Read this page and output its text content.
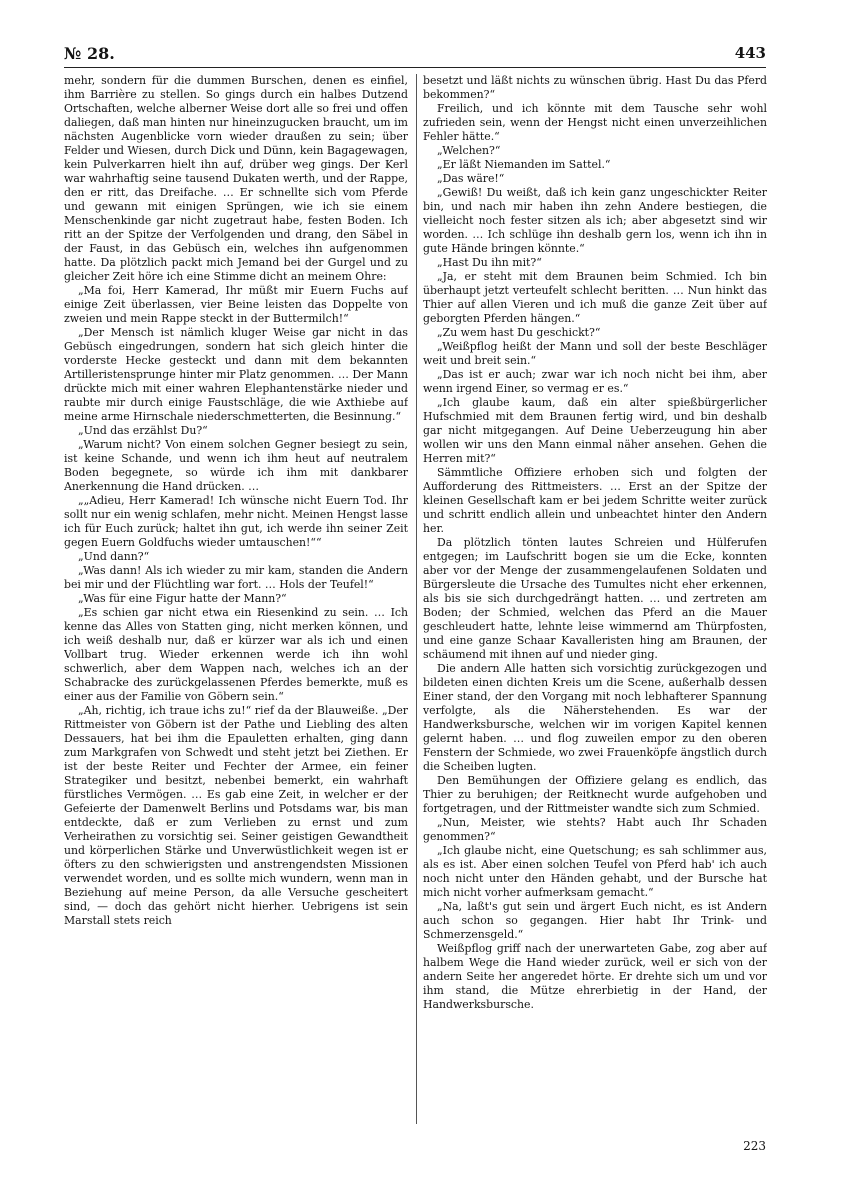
№ 28.	443

mehr, sondern für die dummen Burschen, denen es einfiel, ihm Barrière zu stellen. So gings durch ein halbes Dutzend Ortschaften, welche alberner Weise dort alle so frei und offen daliegen, daß man hinten nur hineinzugucken braucht, um im nächsten Augenblicke vorn wieder draußen zu sein; über Felder und Wiesen, durch Dick und Dünn, kein Bagagewagen, kein Pulverkarren hielt ihn auf, drüber weg gings. Der Kerl war wahrhaftig seine tausend Dukaten werth, und der Rappe, den er ritt, das Dreifache. … Er schnellte sich vom Pferde und gewann mit einigen Sprüngen, wie ich sie einem Menschenkinde gar nicht zugetraut habe, festen Boden. Ich ritt an der Spitze der Verfolgenden und drang, den Säbel in der Faust, in das Gebüsch ein, welches ihn aufgenommen hatte. Da plötzlich packt mich Jemand bei der Gurgel und zu gleicher Zeit höre ich eine Stimme dicht an meinem Ohre:

„Ma foi, Herr Kamerad, Ihr müßt mir Euern Fuchs auf einige Zeit überlassen, vier Beine leisten das Doppelte von zweien und mein Rappe steckt in der Buttermilch!“

„Der Mensch ist nämlich kluger Weise gar nicht in das Gebüsch eingedrungen, sondern hat sich gleich hinter die vorderste Hecke gesteckt und dann mit dem bekannten Artilleristensprunge hinter mir Platz genommen. … Der Mann drückte mich mit einer wahren Elephantenstärke nieder und raubte mir durch einige Faustschläge, die wie Axthiebe auf meine arme Hirnschale niederschmetterten, die Besinnung.“

„Und das erzählst Du?“

„Warum nicht? Von einem solchen Gegner besiegt zu sein, ist keine Schande, und wenn ich ihm heut auf neutralem Boden begegnete, so würde ich ihm mit dankbarer Anerkennung die Hand drücken. …

„„Adieu, Herr Kamerad! Ich wünsche nicht Euern Tod. Ihr sollt nur ein wenig schlafen, mehr nicht. Meinen Hengst lasse ich für Euch zurück; haltet ihn gut, ich werde ihn seiner Zeit gegen Euern Goldfuchs wieder umtauschen!““

„Und dann?“

„Was dann! Als ich wieder zu mir kam, standen die Andern bei mir und der Flüchtling war fort. … Hols der Teufel!“

„Was für eine Figur hatte der Mann?“

„Es schien gar nicht etwa ein Riesenkind zu sein. … Ich kenne das Alles von Statten ging, nicht merken können, und ich weiß deshalb nur, daß er kürzer war als ich und einen Vollbart trug. Wieder erkennen werde ich ihn wohl schwerlich, aber dem Wappen nach, welches ich an der Schabracke des zurückgelassenen Pferdes bemerkte, muß es einer aus der Familie von Göbern sein.“

„Ah, richtig, ich traue ichs zu!“ rief da der Blauweiße. „Der Rittmeister von Göbern ist der Pathe und Liebling des alten Dessauers, hat bei ihm die Epauletten erhalten, ging dann zum Markgrafen von Schwedt und steht jetzt bei Ziethen. Er ist der beste Reiter und Fechter der Armee, ein feiner Strategiker und besitzt, nebenbei bemerkt, ein wahrhaft fürstliches Vermögen. … Es gab eine Zeit, in welcher er der Gefeierte der Damenwelt Berlins und Potsdams war, bis man entdeckte, daß er zum Verlieben zu ernst und zum Verheirathen zu vorsichtig sei. Seiner geistigen Gewandtheit und körperlichen Stärke und Unverwüstlichkeit wegen ist er öfters zu den schwierigsten und anstrengendsten Missionen verwendet worden, und es sollte mich wundern, wenn man in Beziehung auf meine Person, da alle Versuche gescheitert sind, — doch das gehört nicht hierher. Uebrigens ist sein Marstall stets reich

besetzt und läßt nichts zu wünschen übrig. Hast Du das Pferd bekommen?“

Freilich, und ich könnte mit dem Tausche sehr wohl zufrieden sein, wenn der Hengst nicht einen unverzeihlichen Fehler hätte.“

„Welchen?“

„Er läßt Niemanden im Sattel.“

„Das wäre!“

„Gewiß! Du weißt, daß ich kein ganz ungeschickter Reiter bin, und nach mir haben ihn zehn Andere bestiegen, die vielleicht noch fester sitzen als ich; aber abgesetzt sind wir worden. … Ich schlüge ihn deshalb gern los, wenn ich ihn in gute Hände bringen könnte.“

„Hast Du ihn mit?“

„Ja, er steht mit dem Braunen beim Schmied. Ich bin überhaupt jetzt verteufelt schlecht beritten. … Nun hinkt das Thier auf allen Vieren und ich muß die ganze Zeit über auf geborgten Pferden hängen.“

„Zu wem hast Du geschickt?“

„Weißpflog heißt der Mann und soll der beste Beschläger weit und breit sein.“

„Das ist er auch; zwar war ich noch nicht bei ihm, aber wenn irgend Einer, so vermag er es.“

„Ich glaube kaum, daß ein alter spießbürgerlicher Hufschmied mit dem Braunen fertig wird, und bin deshalb gar nicht mitgegangen. Auf Deine Ueberzeugung hin aber wollen wir uns den Mann einmal näher ansehen. Gehen die Herren mit?“

Sämmtliche Offiziere erhoben sich und folgten der Aufforderung des Rittmeisters. … Erst an der Spitze der kleinen Gesellschaft kam er bei jedem Schritte weiter zurück und schritt endlich allein und unbeachtet hinter den Andern her.

Da plötzlich tönten lautes Schreien und Hülferufen entgegen; im Laufschritt bogen sie um die Ecke, konnten aber vor der Menge der zusammengelaufenen Soldaten und Bürgersleute die Ursache des Tumultes nicht eher erkennen, als bis sie sich durchgedrängt hatten. … und zertreten am Boden; der Schmied, welchen das Pferd an die Mauer geschleudert hatte, lehnte leise wimmernd am Thürpfosten, und eine ganze Schaar Kavalleristen hing am Braunen, der schäumend mit ihnen auf und nieder ging.

Die andern Alle hatten sich vorsichtig zurückgezogen und bildeten einen dichten Kreis um die Scene, außerhalb dessen Einer stand, der den Vorgang mit noch lebhafterer Spannung verfolgte, als die Näherstehenden. Es war der Handwerksbursche, welchen wir im vorigen Kapitel kennen gelernt haben. … und flog zuweilen empor zu den oberen Fenstern der Schmiede, wo zwei Frauenköpfe ängstlich durch die Scheiben lugten.

Den Bemühungen der Offiziere gelang es endlich, das Thier zu beruhigen; der Reitknecht wurde aufgehoben und fortgetragen, und der Rittmeister wandte sich zum Schmied.

„Nun, Meister, wie stehts? Habt auch Ihr Schaden genommen?“

„Ich glaube nicht, eine Quetschung; es sah schlimmer aus, als es ist. Aber einen solchen Teufel von Pferd hab' ich auch noch nicht unter den Händen gehabt, und der Bursche hat mich nicht vorher aufmerksam gemacht.“

„Na, laßt's gut sein und ärgert Euch nicht, es ist Andern auch schon so gegangen. Hier habt Ihr Trink- und Schmerzensgeld.“

Weißpflog griff nach der unerwarteten Gabe, zog aber auf halbem Wege die Hand wieder zurück, weil er sich von der andern Seite her angeredet hörte. Er drehte sich um und vor ihm stand, die Mütze ehrerbietig in der Hand, der Handwerksbursche.

223
